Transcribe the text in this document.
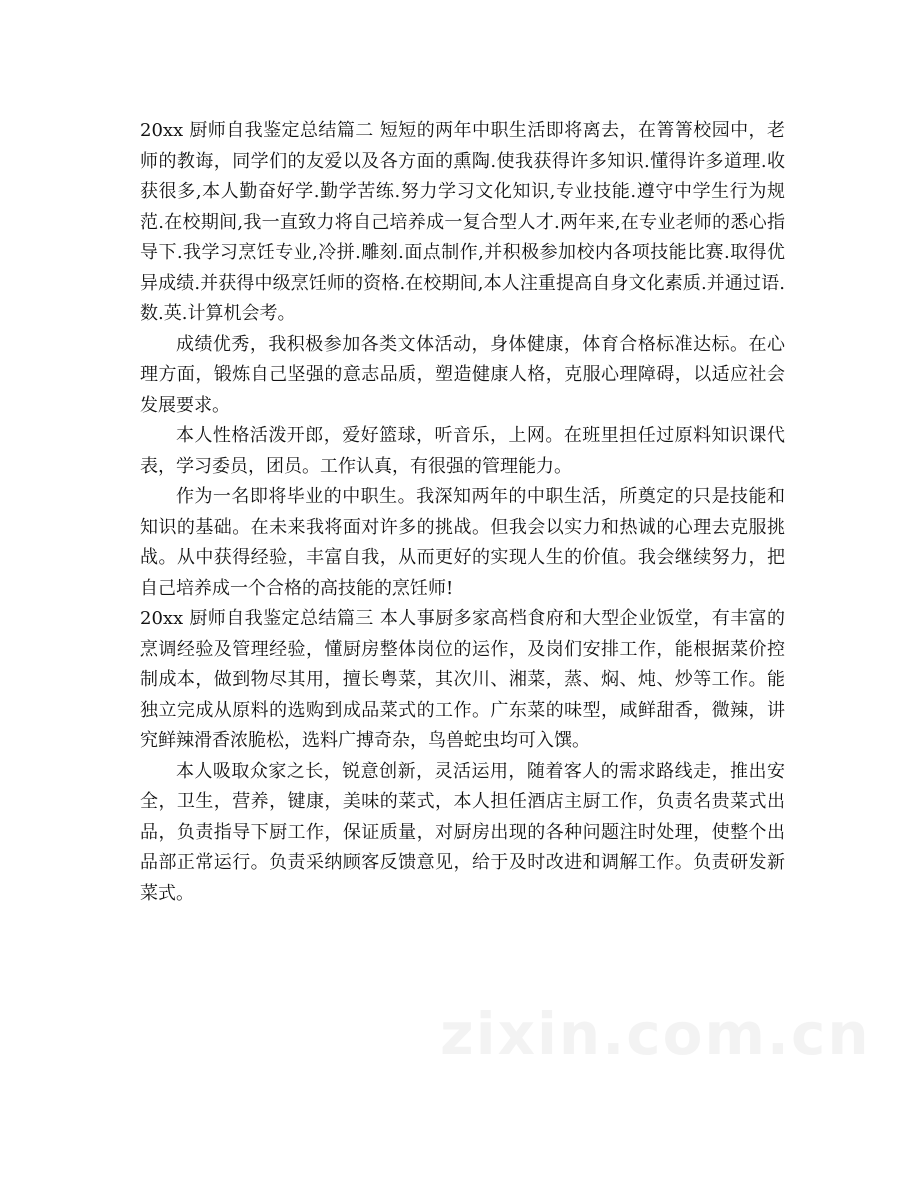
20xx 厨师自我鉴定总结篇二 短短的两年中职生活即将离去，在箐箐校园中，老师的教诲，同学们的友爱以及各方面的熏陶.使我获得许多知识.懂得许多道理.收获很多,本人勤奋好学.勤学苦练.努力学习文化知识,专业技能.遵守中学生行为规范.在校期间,我一直致力将自己培养成一复合型人才.两年来,在专业老师的悉心指导下.我学习烹饪专业,冷拼.雕刻.面点制作,并积极参加校内各项技能比赛.取得优异成绩.并获得中级烹饪师的资格.在校期间,本人注重提高自身文化素质.并通过语.数.英.计算机会考。

成绩优秀，我积极参加各类文体活动，身体健康，体育合格标准达标。在心理方面，锻炼自己坚强的意志品质，塑造健康人格，克服心理障碍，以适应社会发展要求。

本人性格活泼开郎，爱好篮球，听音乐，上网。在班里担任过原料知识课代表，学习委员，团员。工作认真，有很强的管理能力。

作为一名即将毕业的中职生。我深知两年的中职生活，所奠定的只是技能和知识的基础。在未来我将面对许多的挑战。但我会以实力和热诚的心理去克服挑战。从中获得经验，丰富自我，从而更好的实现人生的价值。我会继续努力，把自己培养成一个合格的高技能的烹饪师!

20xx 厨师自我鉴定总结篇三 本人事厨多家高档食府和大型企业饭堂，有丰富的烹调经验及管理经验，懂厨房整体岗位的运作，及岗们安排工作，能根据菜价控制成本，做到物尽其用，擅长粤菜，其次川、湘菜，蒸、焖、炖、炒等工作。能独立完成从原料的选购到成品菜式的工作。广东菜的味型，咸鲜甜香，微辣，讲究鲜辣滑香浓脆松，选料广搏奇杂，鸟兽蛇虫均可入馔。

本人吸取众家之长，锐意创新，灵活运用，随着客人的需求路线走，推出安全，卫生，营养，键康，美味的菜式，本人担任酒店主厨工作，负责名贵菜式出品，负责指导下厨工作，保证质量，对厨房出现的各种问题注时处理，使整个出品部正常运行。负责采纳顾客反馈意见，给于及时改进和调解工作。负责研发新菜式。

zixin.com.cn
